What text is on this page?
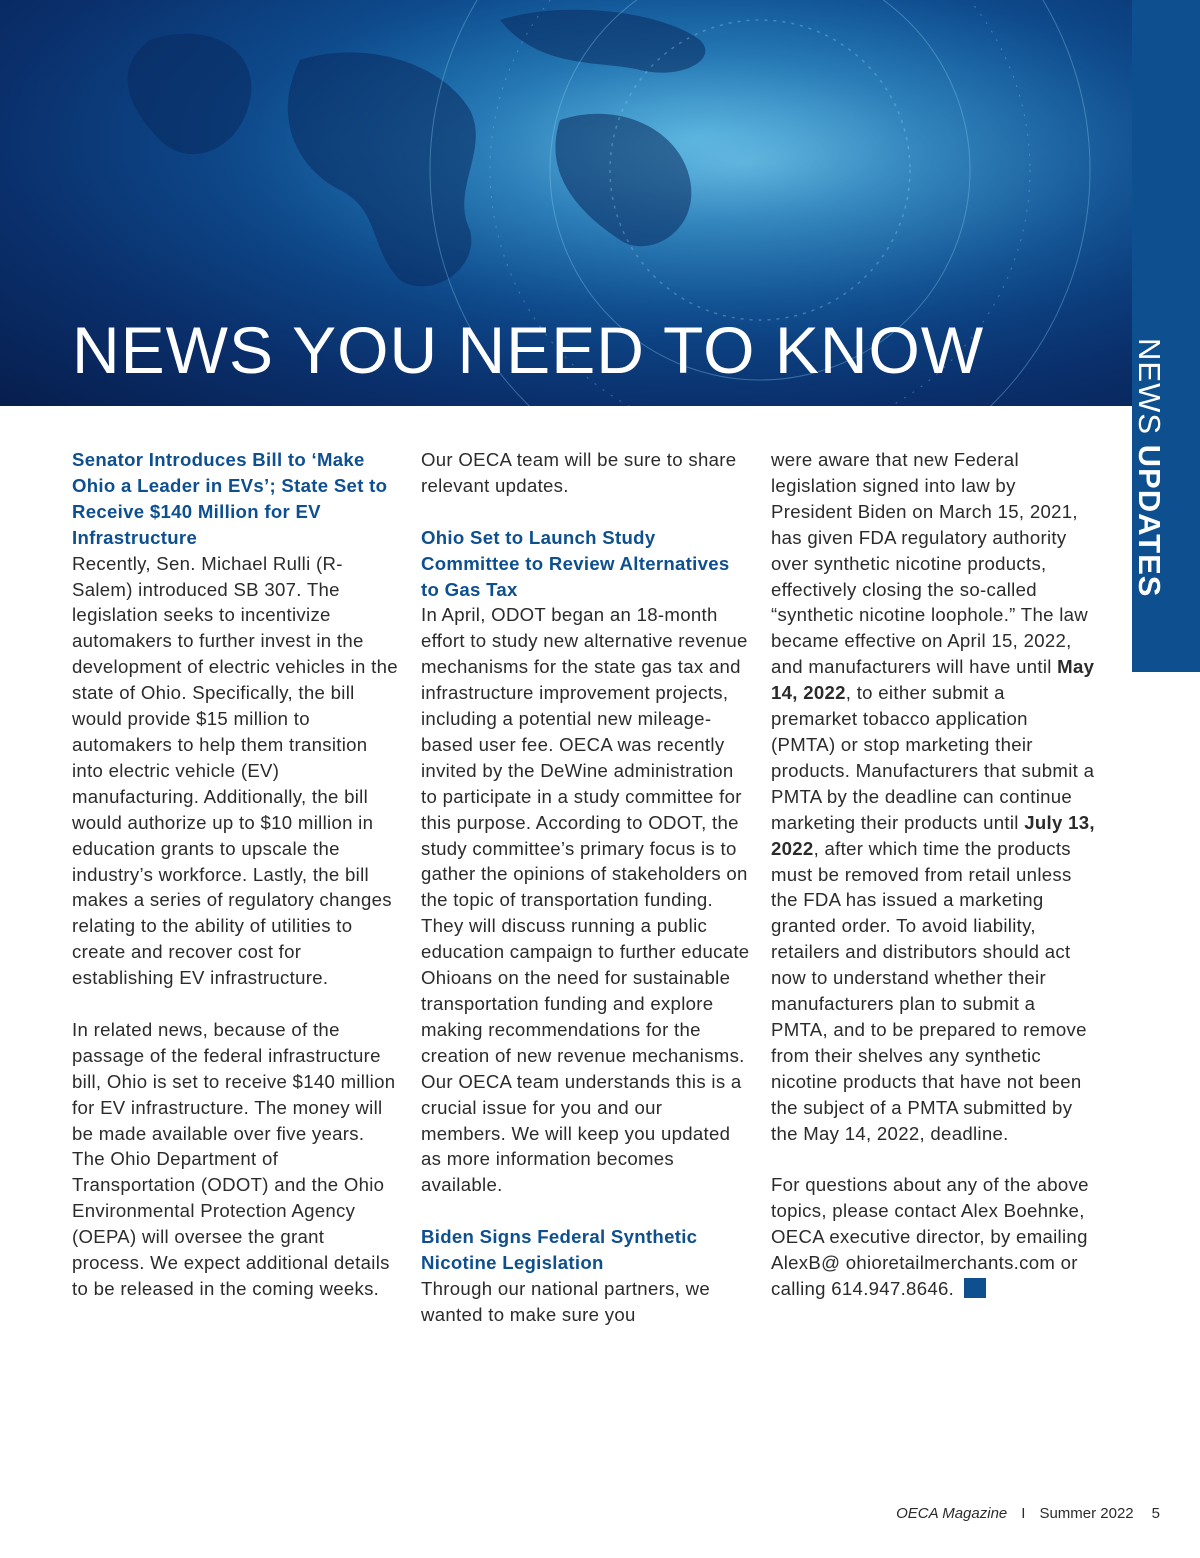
NEWS YOU NEED TO KNOW	NEWS UPDATES
Senator Introduces Bill to ‘Make Ohio a Leader in EVs’; State Set to Receive $140 Million for EV Infrastructure

Recently, Sen. Michael Rulli (R-Salem) introduced SB 307. The legislation seeks to incentivize automakers to further invest in the development of electric vehicles in the state of Ohio. Specifically, the bill would provide $15 million to automakers to help them transition into electric vehicle (EV) manufacturing. Additionally, the bill would authorize up to $10 million in education grants to upscale the industry’s workforce. Lastly, the bill makes a series of regulatory changes relating to the ability of utilities to create and recover cost for establishing EV infrastructure.

In related news, because of the passage of the federal infrastructure bill, Ohio is set to receive $140 million for EV infrastructure. The money will be made available over five years. The Ohio Department of Transportation (ODOT) and the Ohio Environmental Protection Agency (OEPA) will oversee the grant process. We expect additional details to be released in the coming weeks.

Our OECA team will be sure to share relevant updates.

Ohio Set to Launch Study Committee to Review Alternatives to Gas Tax

In April, ODOT began an 18-month effort to study new alternative revenue mechanisms for the state gas tax and infrastructure improvement projects, including a potential new mileage-based user fee. OECA was recently invited by the DeWine administration to participate in a study committee for this purpose. According to ODOT, the study committee’s primary focus is to gather the opinions of stakeholders on the topic of transportation funding. They will discuss running a public education campaign to further educate Ohioans on the need for sustainable transportation funding and explore making recommendations for the creation of new revenue mechanisms. Our OECA team understands this is a crucial issue for you and our members. We will keep you updated as more information becomes available.

Biden Signs Federal Synthetic Nicotine Legislation

Through our national partners, we wanted to make sure you

were aware that new Federal legislation signed into law by President Biden on March 15, 2021, has given FDA regulatory authority over synthetic nicotine products, effectively closing the so-called “synthetic nicotine loophole.” The law became effective on April 15, 2022, and manufacturers will have until May 14, 2022, to either submit a premarket tobacco application (PMTA) or stop marketing their products. Manufacturers that submit a PMTA by the deadline can continue marketing their products until July 13, 2022, after which time the products must be removed from retail unless the FDA has issued a marketing granted order. To avoid liability, retailers and distributors should act now to understand whether their manufacturers plan to submit a PMTA, and to be prepared to remove from their shelves any synthetic nicotine products that have not been the subject of a PMTA submitted by the May 14, 2022, deadline.

For questions about any of the above topics, please contact Alex Boehnke, OECA executive director, by emailing AlexB@ ohioretailmerchants.com or calling 614.947.8646.

OECA Magazine I Summer 2022 5
